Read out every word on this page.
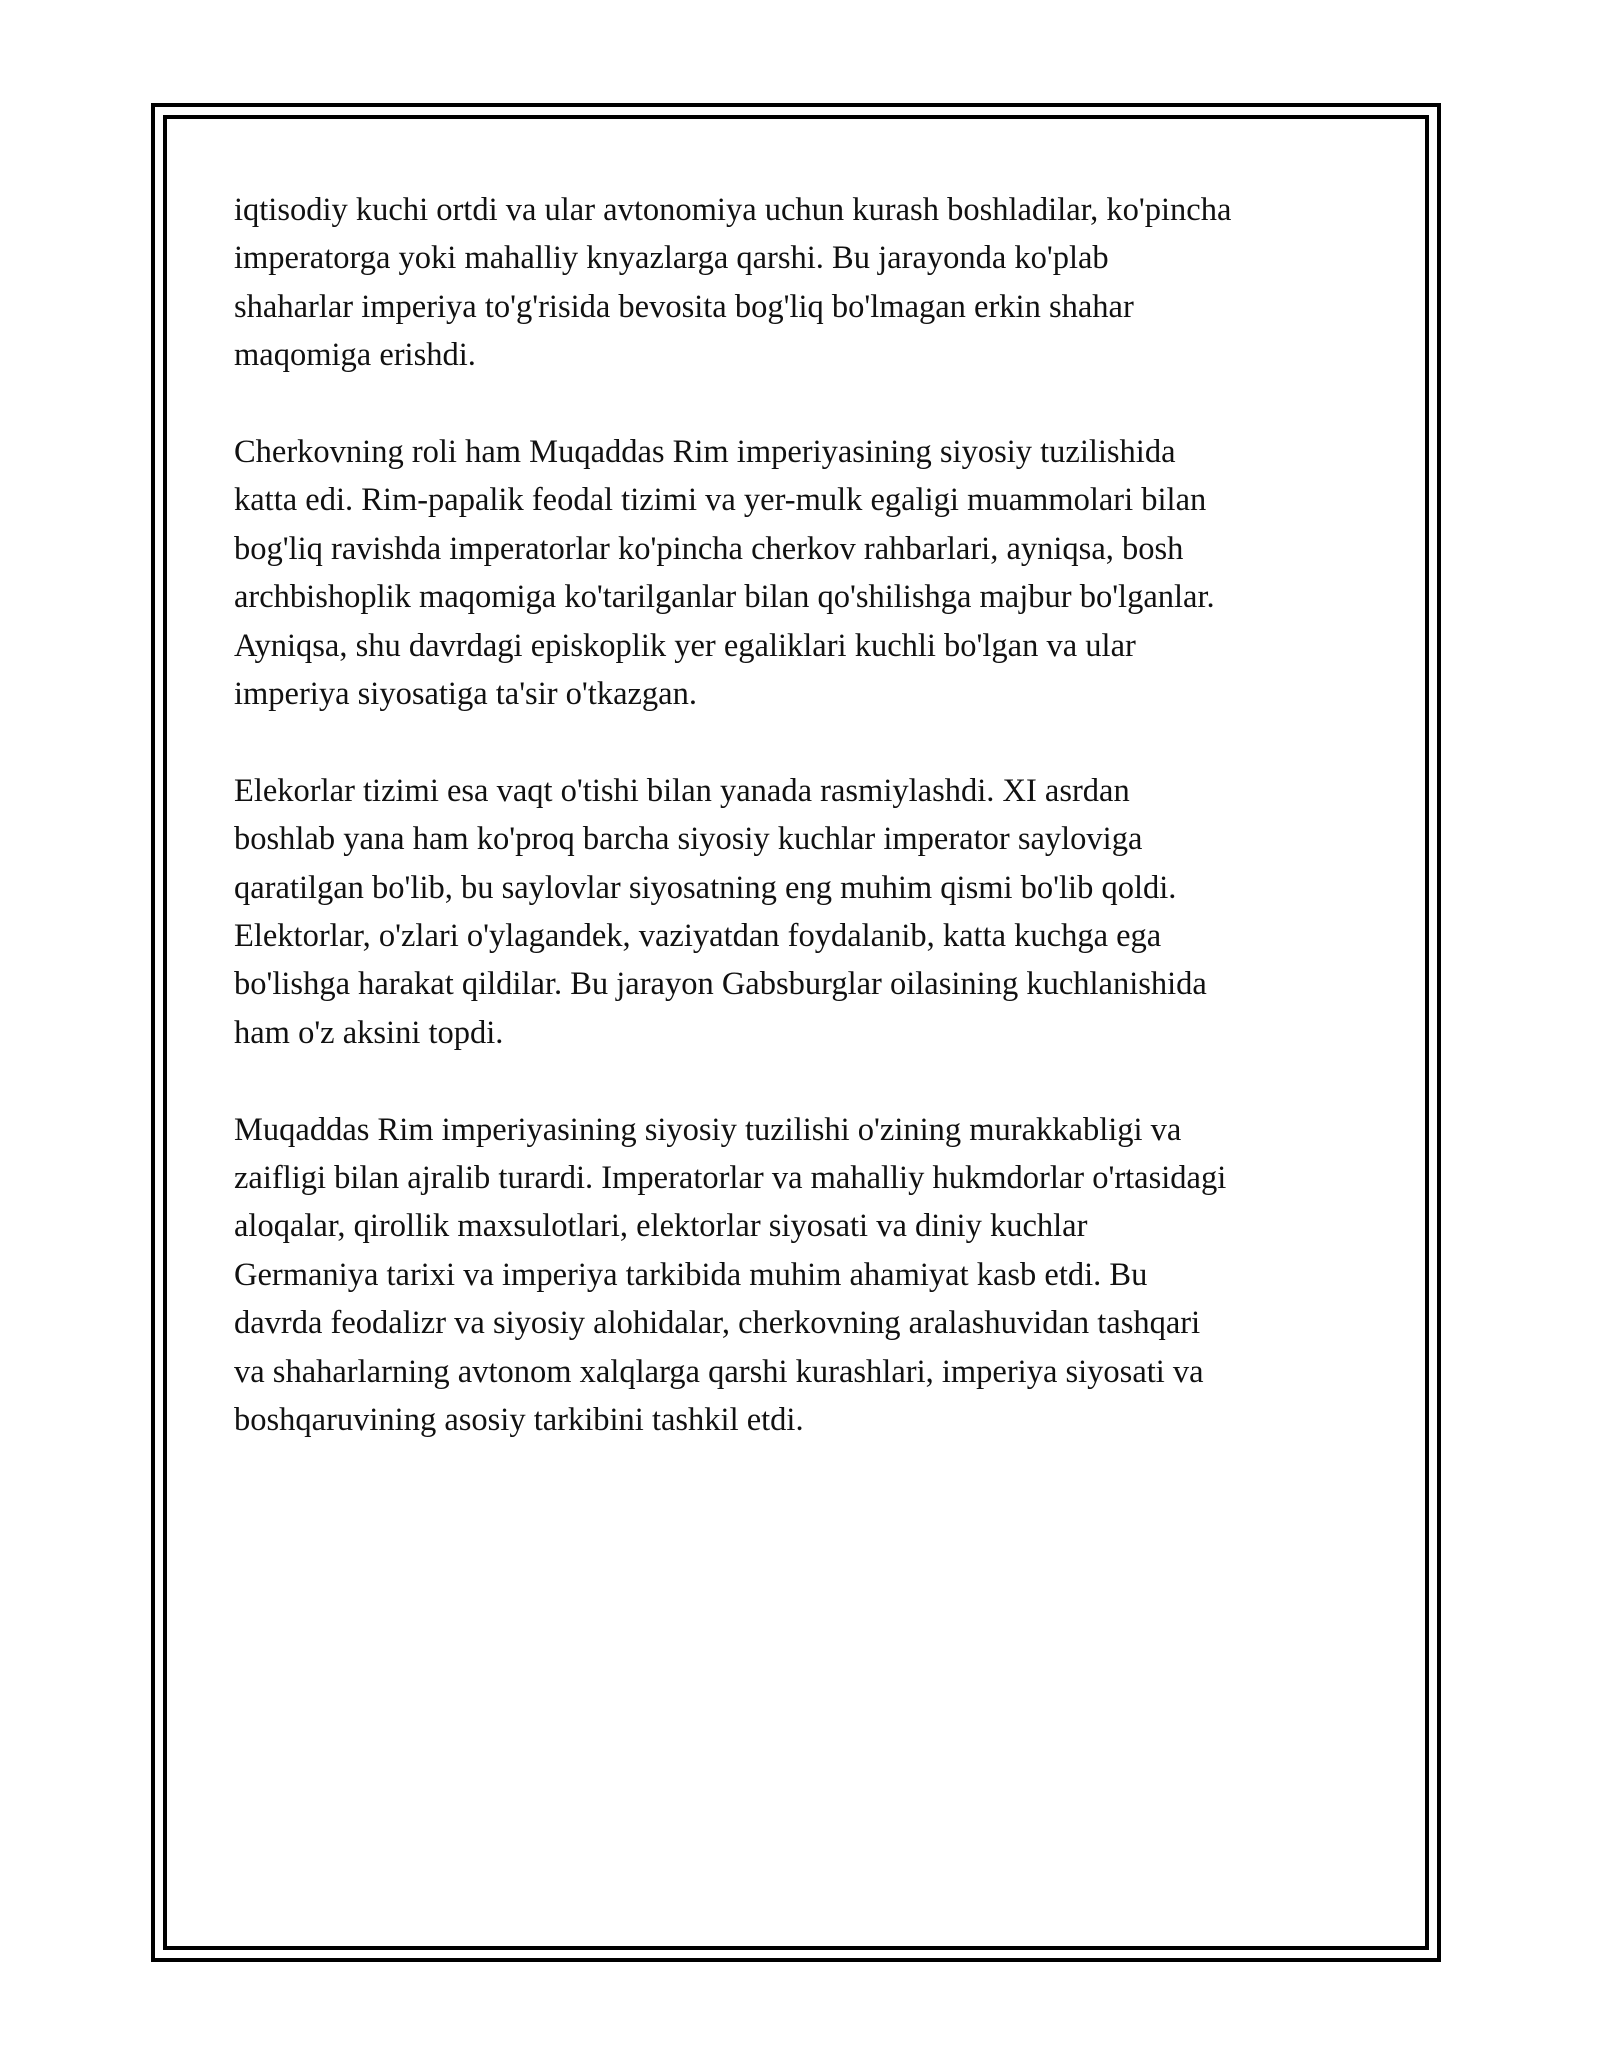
iqtisodiy kuchi ortdi va ular avtonomiya uchun kurash boshladilar, ko'pincha
imperatorga yoki mahalliy knyazlarga qarshi. Bu jarayonda ko'plab
shaharlar imperiya to'g'risida bevosita bog'liq bo'lmagan erkin shahar
maqomiga erishdi.

Cherkovning roli ham Muqaddas Rim imperiyasining siyosiy tuzilishida
katta edi. Rim-papalik feodal tizimi va yer-mulk egaligi muammolari bilan
bog'liq ravishda imperatorlar ko'pincha cherkov rahbarlari, ayniqsa, bosh
archbishoplik maqomiga ko'tarilganlar bilan qo'shilishga majbur bo'lganlar.
Ayniqsa, shu davrdagi episkoplik yer egaliklari kuchli bo'lgan va ular
imperiya siyosatiga ta'sir o'tkazgan.

Elekorlar tizimi esa vaqt o'tishi bilan yanada rasmiylashdi. XI asrdan
boshlab yana ham ko'proq barcha siyosiy kuchlar imperator sayloviga
qaratilgan bo'lib, bu saylovlar siyosatning eng muhim qismi bo'lib qoldi.
Elektorlar, o'zlari o'ylagandek, vaziyatdan foydalanib, katta kuchga ega
bo'lishga harakat qildilar. Bu jarayon Gabsburglar oilasining kuchlanishida
ham o'z aksini topdi.

Muqaddas Rim imperiyasining siyosiy tuzilishi o'zining murakkabligi va
zaifligi bilan ajralib turardi. Imperatorlar va mahalliy hukmdorlar o'rtasidagi
aloqalar, qirollik maxsulotlari, elektorlar siyosati va diniy kuchlar
Germaniya tarixi va imperiya tarkibida muhim ahamiyat kasb etdi. Bu
davrda feodalizr va siyosiy alohidalar, cherkovning aralashuvidan tashqari
va shaharlarning avtonom xalqlarga qarshi kurashlari, imperiya siyosati va
boshqaruvining asosiy tarkibini tashkil etdi.
